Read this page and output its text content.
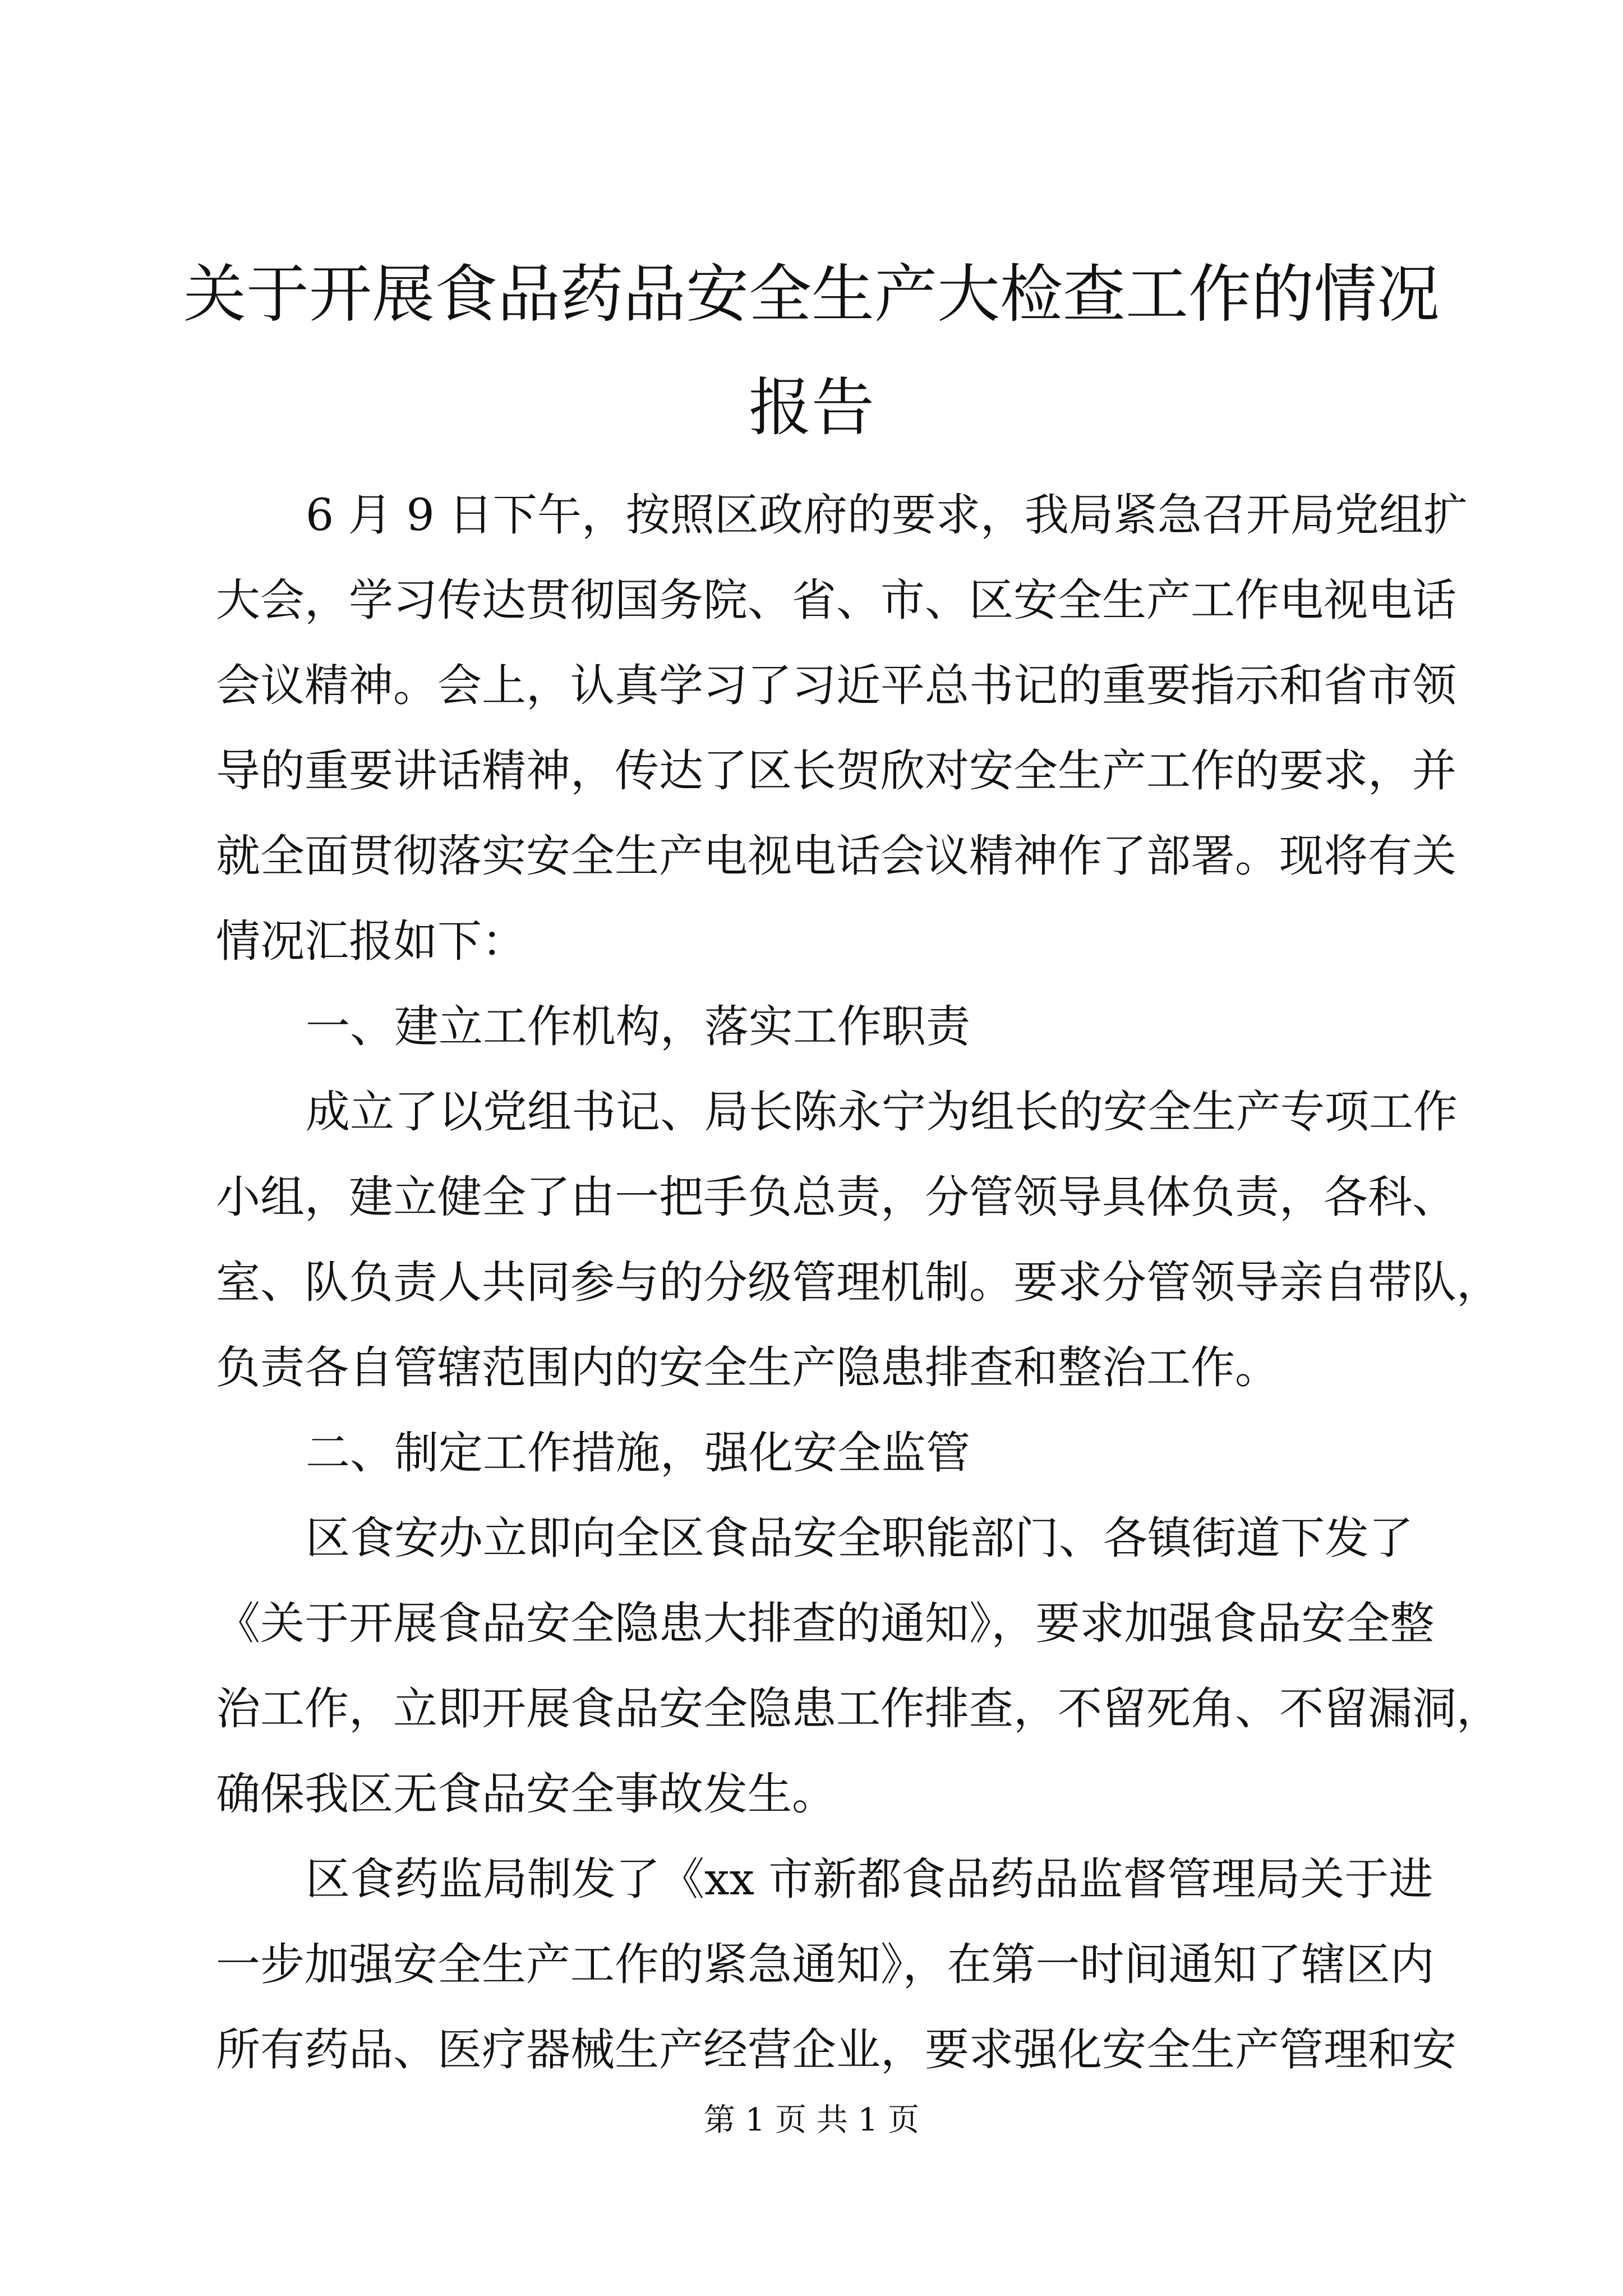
关于开展食品药品安全生产大检查工作的情况
报告
6 月 9 日下午，按照区政府的要求，我局紧急召开局党组扩
大会，学习传达贯彻国务院、省、市、区安全生产工作电视电话
会议精神。会上，认真学习了习近平总书记的重要指示和省市领
导的重要讲话精神，传达了区长贺欣对安全生产工作的要求，并
就全面贯彻落实安全生产电视电话会议精神作了部署。现将有关
情况汇报如下：
一、建立工作机构，落实工作职责
成立了以党组书记、局长陈永宁为组长的安全生产专项工作
小组，建立健全了由一把手负总责，分管领导具体负责，各科、
室、队负责人共同参与的分级管理机制。要求分管领导亲自带队，
负责各自管辖范围内的安全生产隐患排查和整治工作。
二、制定工作措施，强化安全监管
区食安办立即向全区食品安全职能部门、各镇街道下发了
《关于开展食品安全隐患大排查的通知》，要求加强食品安全整
治工作，立即开展食品安全隐患工作排查，不留死角、不留漏洞，
确保我区无食品安全事故发生。
区食药监局制发了《xx 市新都食品药品监督管理局关于进
一步加强安全生产工作的紧急通知》，在第一时间通知了辖区内
所有药品、医疗器械生产经营企业，要求强化安全生产管理和安
第 1 页 共 1 页
